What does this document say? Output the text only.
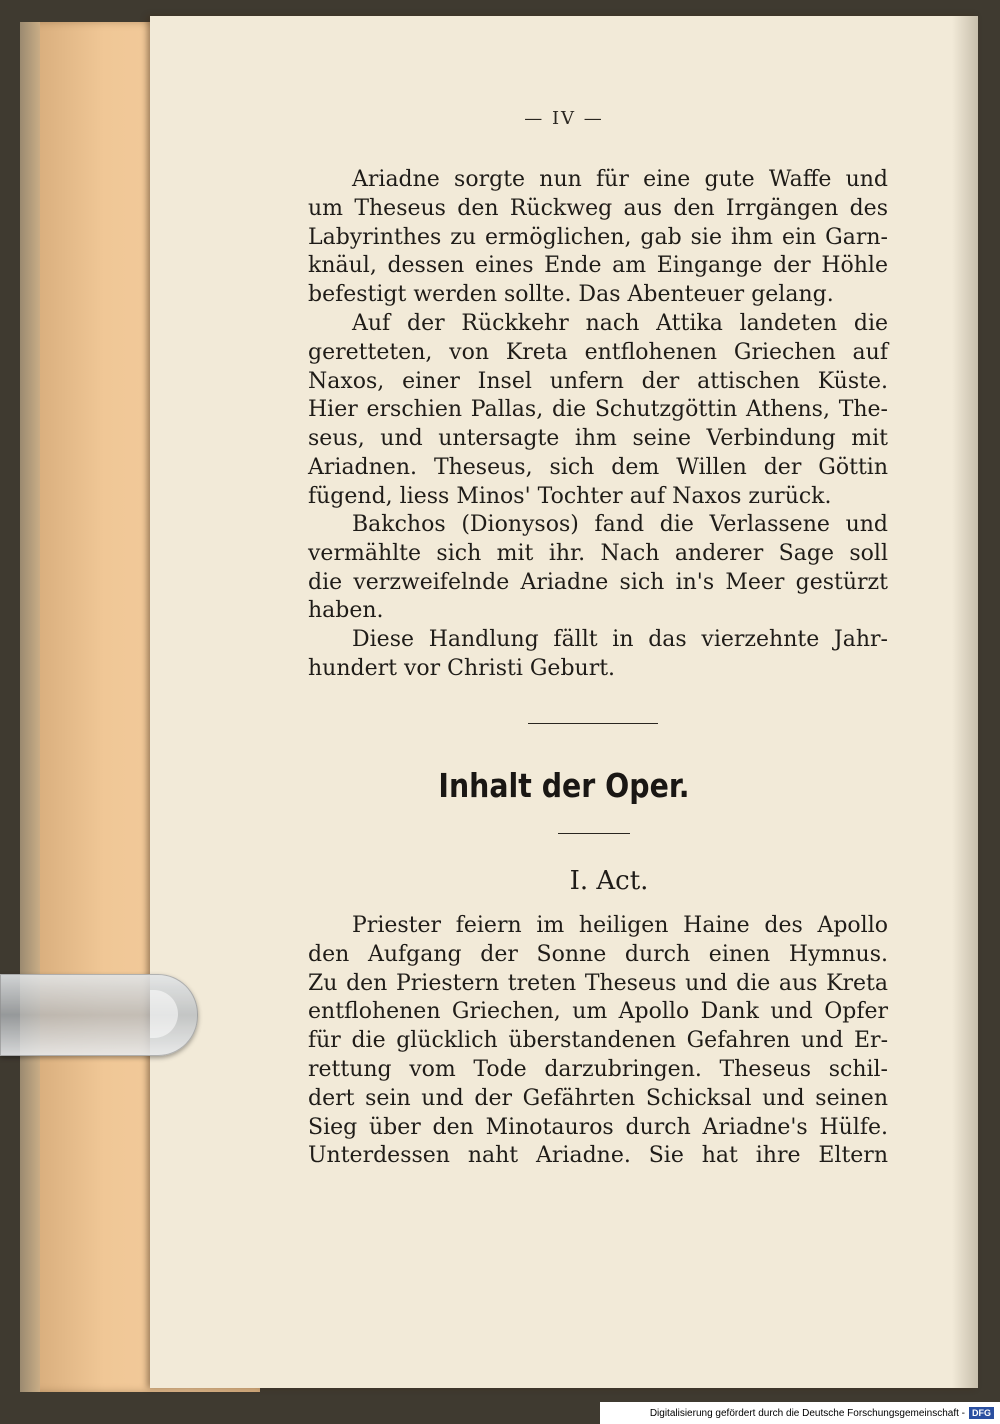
— IV —
Ariadne sorgte nun für eine gute Waffe und
um Theseus den Rückweg aus den Irrgängen des
Labyrinthes zu ermöglichen, gab sie ihm ein Garn-
knäul, dessen eines Ende am Eingange der Höhle
befestigt werden sollte. Das Abenteuer gelang.
Auf der Rückkehr nach Attika landeten die
geretteten, von Kreta entflohenen Griechen auf
Naxos, einer Insel unfern der attischen Küste.
Hier erschien Pallas, die Schutzgöttin Athens, The-
seus, und untersagte ihm seine Verbindung mit
Ariadnen. Theseus, sich dem Willen der Göttin
fügend, liess Minos' Tochter auf Naxos zurück.
Bakchos (Dionysos) fand die Verlassene und
vermählte sich mit ihr. Nach anderer Sage soll
die verzweifelnde Ariadne sich in's Meer gestürzt
haben.
Diese Handlung fällt in das vierzehnte Jahr-
hundert vor Christi Geburt.
Inhalt der Oper.
I. Act.
Priester feiern im heiligen Haine des Apollo
den Aufgang der Sonne durch einen Hymnus.
Zu den Priestern treten Theseus und die aus Kreta
entflohenen Griechen, um Apollo Dank und Opfer
für die glücklich überstandenen Gefahren und Er-
rettung vom Tode darzubringen. Theseus schil-
dert sein und der Gefährten Schicksal und seinen
Sieg über den Minotauros durch Ariadne's Hülfe.
Unterdessen naht Ariadne. Sie hat ihre Eltern
Digitalisierung gefördert durch die Deutsche Forschungsgemeinschaft - DFG
